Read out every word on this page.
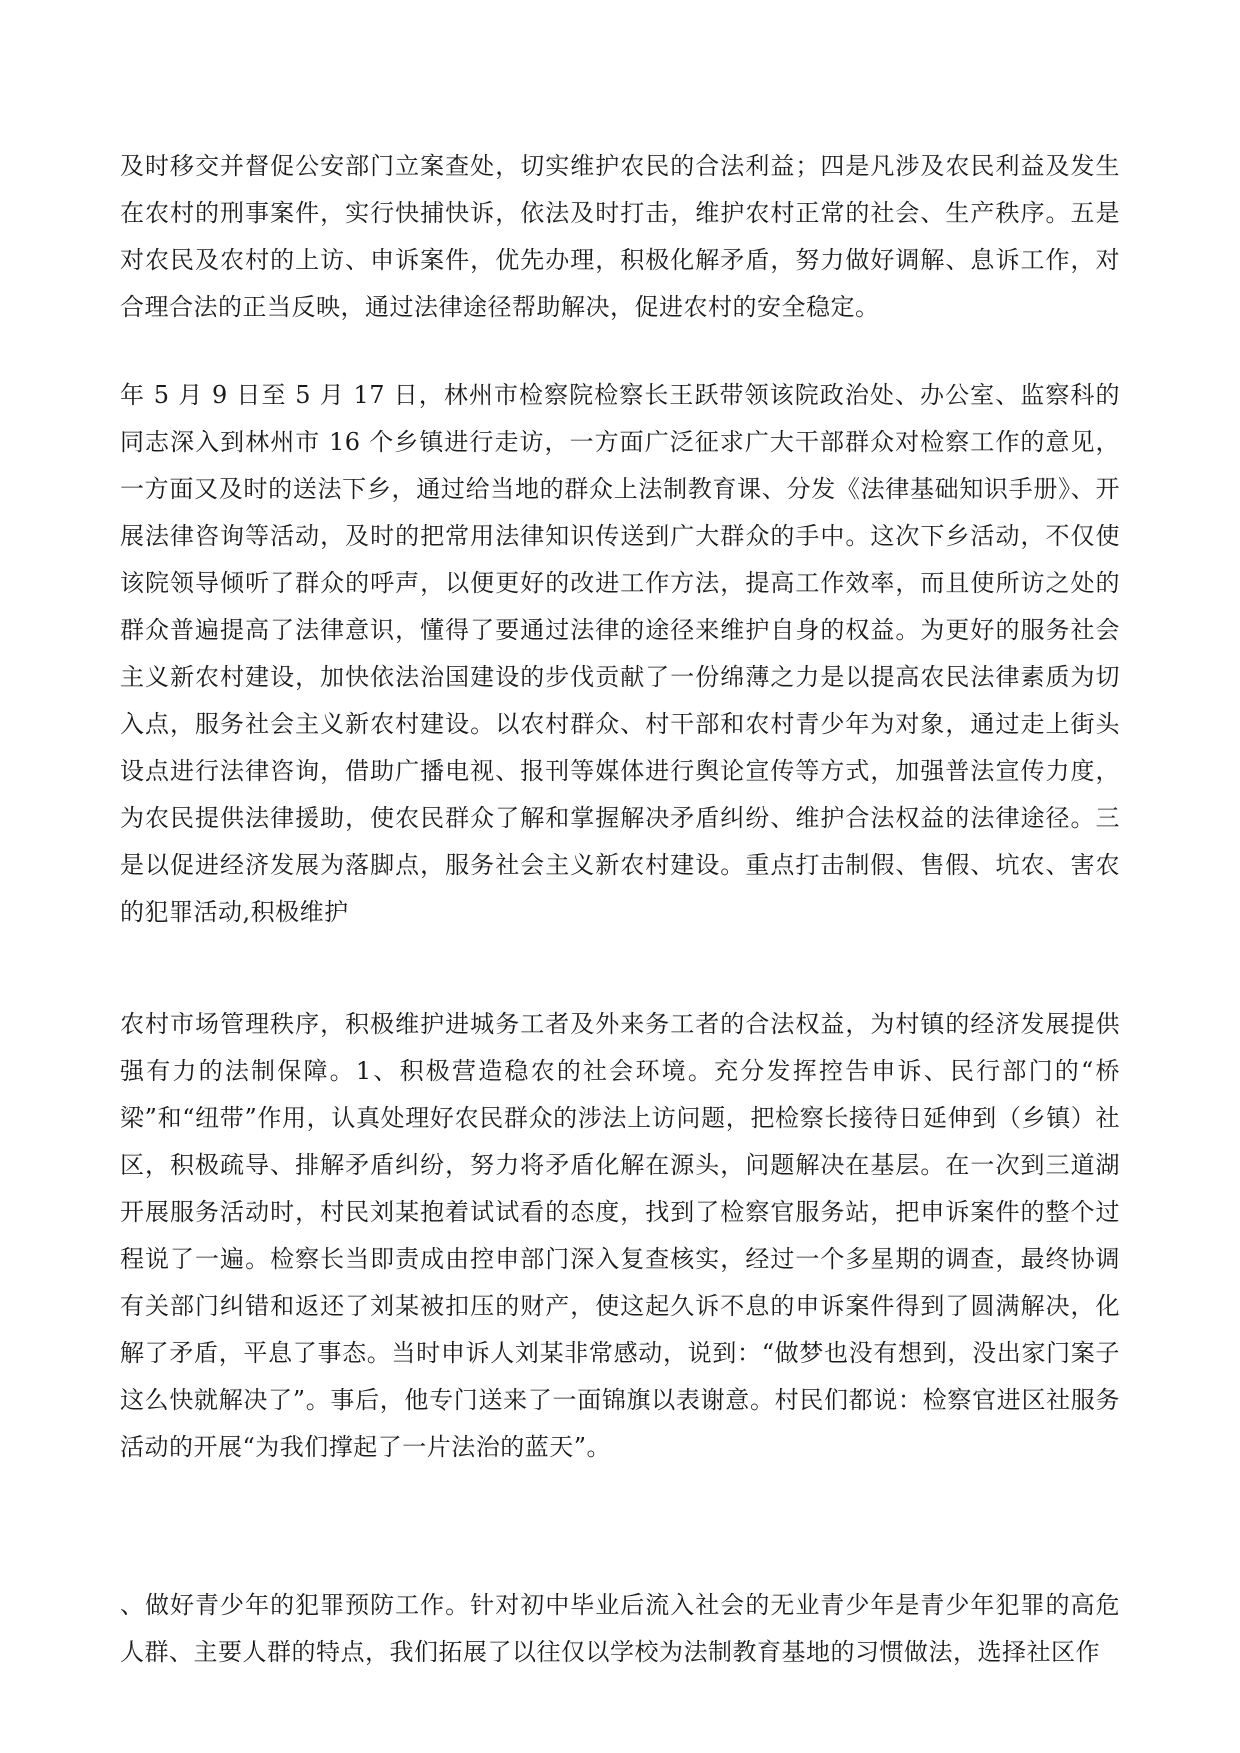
及时移交并督促公安部门立案查处，切实维护农民的合法利益；四是凡涉及农民利益及发生在农村的刑事案件，实行快捕快诉，依法及时打击，维护农村正常的社会、生产秩序。五是对农民及农村的上访、申诉案件，优先办理，积极化解矛盾，努力做好调解、息诉工作，对合理合法的正当反映，通过法律途径帮助解决，促进农村的安全稳定。

年 5 月 9 日至 5 月 17 日，林州市检察院检察长王跃带领该院政治处、办公室、监察科的同志深入到林州市 16 个乡镇进行走访，一方面广泛征求广大干部群众对检察工作的意见，一方面又及时的送法下乡，通过给当地的群众上法制教育课、分发《法律基础知识手册》、开展法律咨询等活动，及时的把常用法律知识传送到广大群众的手中。这次下乡活动，不仅使该院领导倾听了群众的呼声，以便更好的改进工作方法，提高工作效率，而且使所访之处的群众普遍提高了法律意识，懂得了要通过法律的途径来维护自身的权益。为更好的服务社会主义新农村建设，加快依法治国建设的步伐贡献了一份绵薄之力是以提高农民法律素质为切入点，服务社会主义新农村建设。以农村群众、村干部和农村青少年为对象，通过走上街头设点进行法律咨询，借助广播电视、报刊等媒体进行舆论宣传等方式，加强普法宣传力度，为农民提供法律援助，使农民群众了解和掌握解决矛盾纠纷、维护合法权益的法律途径。三是以促进经济发展为落脚点，服务社会主义新农村建设。重点打击制假、售假、坑农、害农的犯罪活动,积极维护

农村市场管理秩序，积极维护进城务工者及外来务工者的合法权益，为村镇的经济发展提供强有力的法制保障。1、积极营造稳农的社会环境。充分发挥控告申诉、民行部门的“桥梁”和“纽带”作用，认真处理好农民群众的涉法上访问题，把检察长接待日延伸到（乡镇）社区，积极疏导、排解矛盾纠纷，努力将矛盾化解在源头，问题解决在基层。在一次到三道湖开展服务活动时，村民刘某抱着试试看的态度，找到了检察官服务站，把申诉案件的整个过程说了一遍。检察长当即责成由控申部门深入复查核实，经过一个多星期的调查，最终协调有关部门纠错和返还了刘某被扣压的财产，使这起久诉不息的申诉案件得到了圆满解决，化解了矛盾，平息了事态。当时申诉人刘某非常感动，说到：“做梦也没有想到，没出家门案子这么快就解决了”。事后，他专门送来了一面锦旗以表谢意。村民们都说：检察官进区社服务活动的开展“为我们撑起了一片法治的蓝天”。

、做好青少年的犯罪预防工作。针对初中毕业后流入社会的无业青少年是青少年犯罪的高危人群、主要人群的特点，我们拓展了以往仅以学校为法制教育基地的习惯做法，选择社区作
